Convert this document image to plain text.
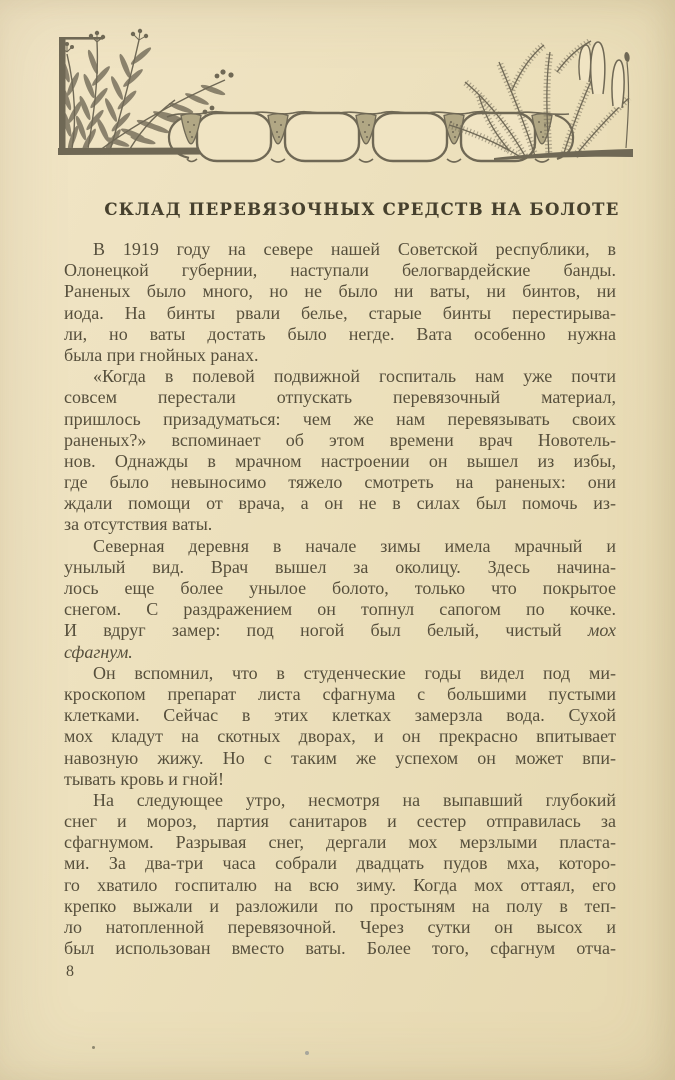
СКЛАД ПЕРЕВЯЗОЧНЫХ СРЕДСТВ НА БОЛОТЕ
В 1919 году на севере нашей Советской республики, в
Олонецкой губернии, наступали белогвардейские банды.
Раненых было много, но не было ни ваты, ни бинтов, ни
иода. На бинты рвали белье, старые бинты перестирыва-
ли, но ваты достать было негде. Вата особенно нужна
была при гнойных ранах.
«Когда в полевой подвижной госпиталь нам уже почти
совсем перестали отпускать перевязочный материал,
пришлось призадуматься: чем же нам перевязывать своих
раненых?» вспоминает об этом времени врач Новотель-
нов. Однажды в мрачном настроении он вышел из избы,
где было невыносимо тяжело смотреть на раненых: они
ждали помощи от врача, а он не в силах был помочь из-
за отсутствия ваты.
Северная деревня в начале зимы имела мрачный и
унылый вид. Врач вышел за околицу. Здесь начина-
лось еще более унылое болото, только что покрытое
снегом. С раздражением он топнул сапогом по кочке.
И вдруг замер: под ногой был белый, чистый мох
сфагнум.
Он вспомнил, что в студенческие годы видел под ми-
кроскопом препарат листа сфагнума с большими пустыми
клетками. Сейчас в этих клетках замерзла вода. Сухой
мох кладут на скотных дворах, и он прекрасно впитывает
навозную жижу. Но с таким же успехом он может впи-
тывать кровь и гной!
На следующее утро, несмотря на выпавший глубокий
снег и мороз, партия санитаров и сестер отправилась за
сфагнумом. Разрывая снег, дергали мох мерзлыми пласта-
ми. За два-три часа собрали двадцать пудов мха, которо-
го хватило госпиталю на всю зиму. Когда мох оттаял, его
крепко выжали и разложили по простыням на полу в теп-
ло натопленной перевязочной. Через сутки он высох и
был использован вместо ваты. Более того, сфагнум отча-
8
